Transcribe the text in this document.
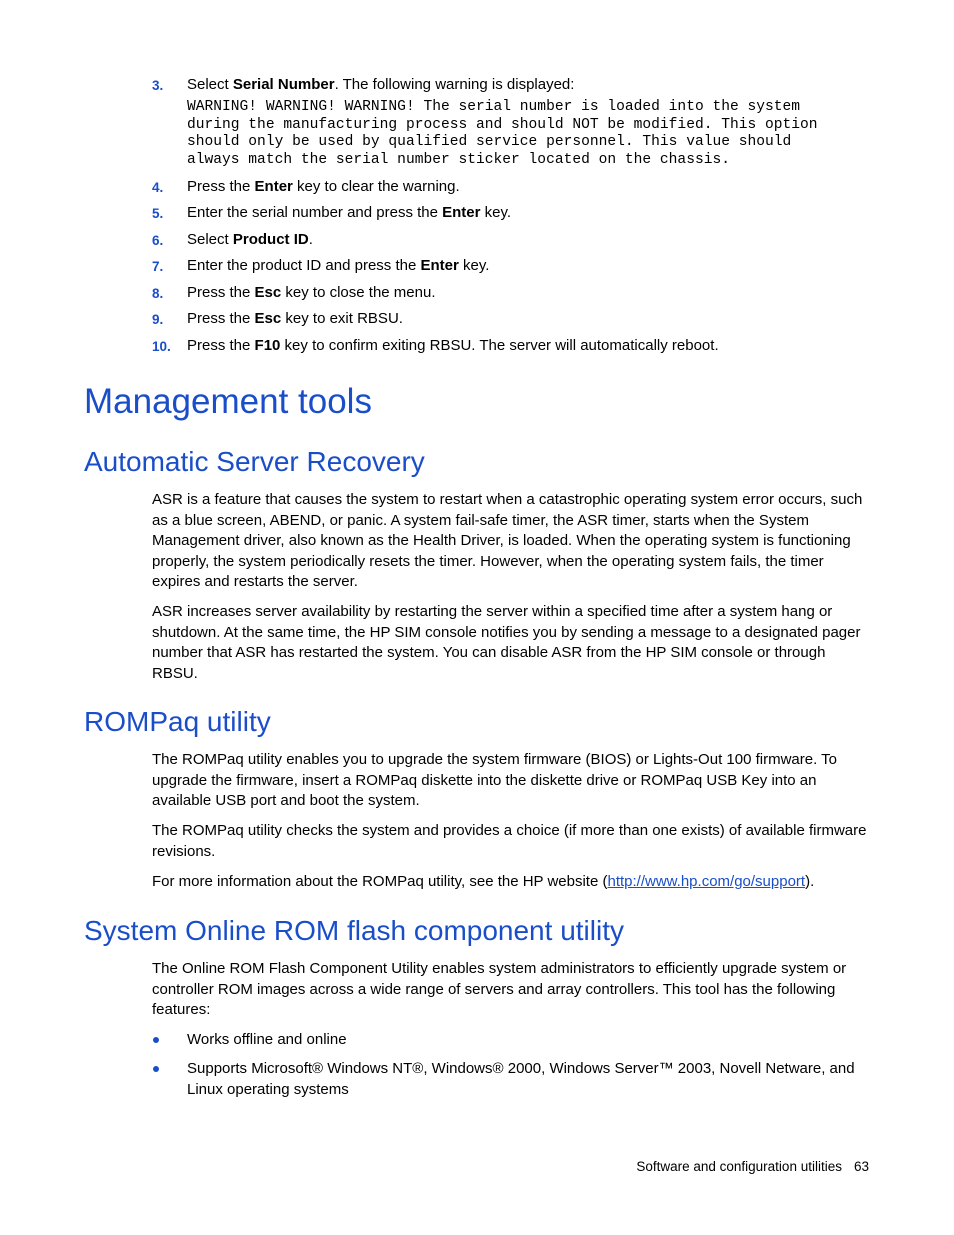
3. Select Serial Number. The following warning is displayed:
WARNING! WARNING! WARNING! The serial number is loaded into the system
during the manufacturing process and should NOT be modified. This option
should only be used by qualified service personnel. This value should
always match the serial number sticker located on the chassis.
4. Press the Enter key to clear the warning.
5. Enter the serial number and press the Enter key.
6. Select Product ID.
7. Enter the product ID and press the Enter key.
8. Press the Esc key to close the menu.
9. Press the Esc key to exit RBSU.
10. Press the F10 key to confirm exiting RBSU. The server will automatically reboot.
Management tools
Automatic Server Recovery

ASR is a feature that causes the system to restart when a catastrophic operating system error occurs, such as a blue screen, ABEND, or panic. A system fail-safe timer, the ASR timer, starts when the System Management driver, also known as the Health Driver, is loaded. When the operating system is functioning properly, the system periodically resets the timer. However, when the operating system fails, the timer expires and restarts the server.

ASR increases server availability by restarting the server within a specified time after a system hang or shutdown. At the same time, the HP SIM console notifies you by sending a message to a designated pager number that ASR has restarted the system. You can disable ASR from the HP SIM console or through RBSU.

ROMPaq utility

The ROMPaq utility enables you to upgrade the system firmware (BIOS) or Lights-Out 100 firmware. To upgrade the firmware, insert a ROMPaq diskette into the diskette drive or ROMPaq USB Key into an available USB port and boot the system.

The ROMPaq utility checks the system and provides a choice (if more than one exists) of available firmware revisions.

For more information about the ROMPaq utility, see the HP website (http://www.hp.com/go/support).

System Online ROM flash component utility

The Online ROM Flash Component Utility enables system administrators to efficiently upgrade system or controller ROM images across a wide range of servers and array controllers. This tool has the following features:

Works offline and online
Supports Microsoft® Windows NT®, Windows® 2000, Windows Server™ 2003, Novell Netware, and Linux operating systems
Software and configuration utilities 63
